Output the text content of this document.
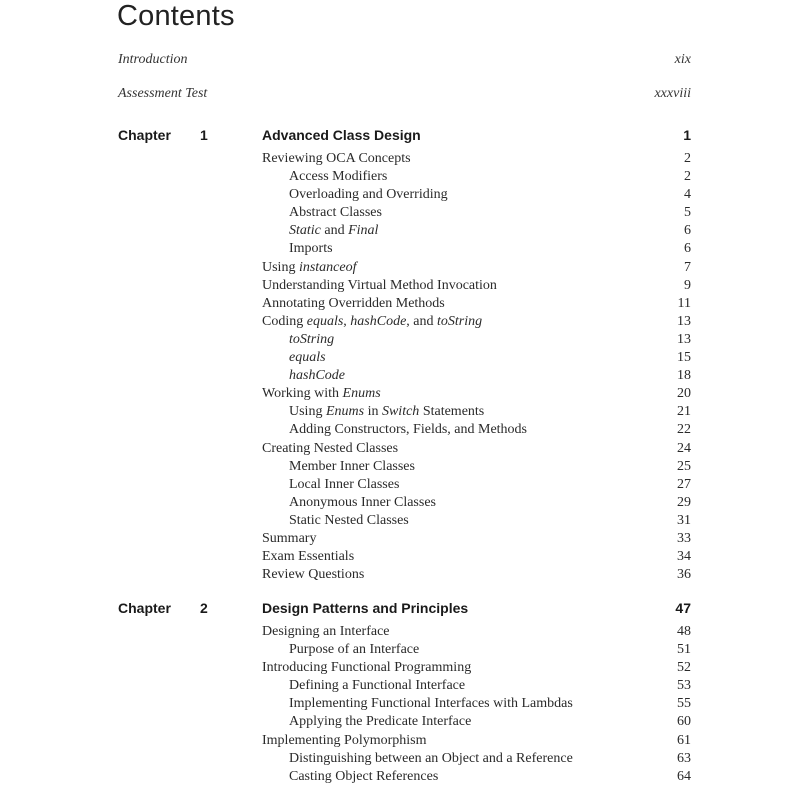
Contents
Introduction	xix
Assessment Test	xxxviii
Chapter 1	Advanced Class Design	1
Reviewing OCA Concepts	2
Access Modifiers	2
Overloading and Overriding	4
Abstract Classes	5
Static and Final	6
Imports	6
Using instanceof	7
Understanding Virtual Method Invocation	9
Annotating Overridden Methods	11
Coding equals, hashCode, and toString	13
toString	13
equals	15
hashCode	18
Working with Enums	20
Using Enums in Switch Statements	21
Adding Constructors, Fields, and Methods	22
Creating Nested Classes	24
Member Inner Classes	25
Local Inner Classes	27
Anonymous Inner Classes	29
Static Nested Classes	31
Summary	33
Exam Essentials	34
Review Questions	36
Chapter 2	Design Patterns and Principles	47
Designing an Interface	48
Purpose of an Interface	51
Introducing Functional Programming	52
Defining a Functional Interface	53
Implementing Functional Interfaces with Lambdas	55
Applying the Predicate Interface	60
Implementing Polymorphism	61
Distinguishing between an Object and a Reference	63
Casting Object References	64
